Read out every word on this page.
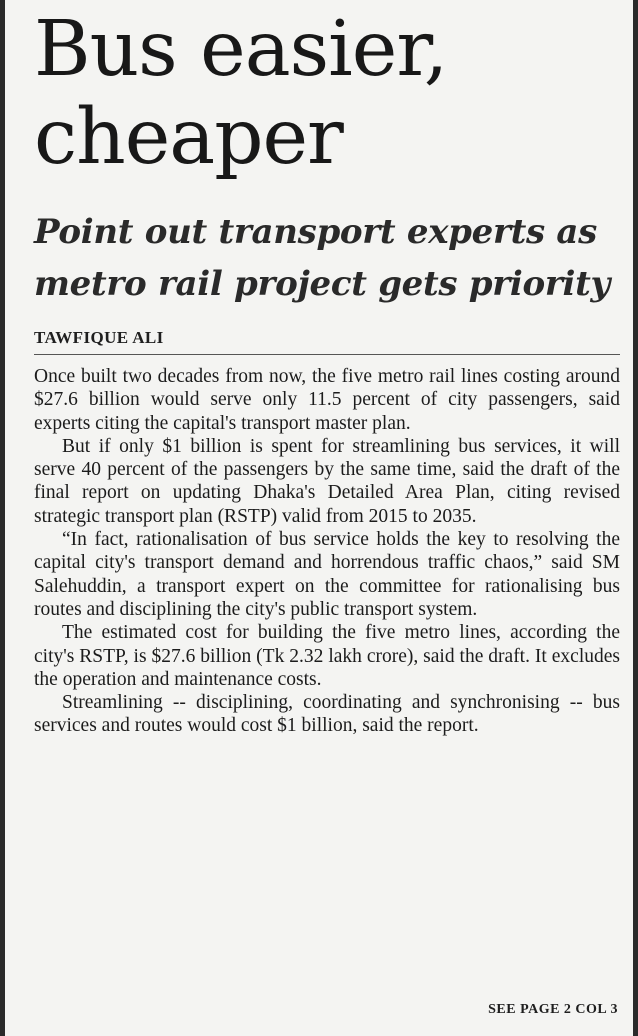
Bus easier,
cheaper
Point out transport experts as
metro rail project gets priority
TAWFIQUE ALI

Once built two decades from now, the five metro rail lines costing around $27.6 billion would serve only 11.5 percent of city passengers, said experts citing the capital's transport master plan.

But if only $1 billion is spent for streamlining bus services, it will serve 40 percent of the passengers by the same time, said the draft of the final report on updating Dhaka's Detailed Area Plan, citing revised strategic transport plan (RSTP) valid from 2015 to 2035.

“In fact, rationalisation of bus service holds the key to resolving the capital city's transport demand and horrendous traffic chaos,” said SM Salehuddin, a transport expert on the committee for rationalising bus routes and disciplining the city's public transport system.

The estimated cost for building the five metro lines, according the city's RSTP, is $27.6 billion (Tk 2.32 lakh crore), said the draft. It excludes the operation and maintenance costs.

Streamlining -- disciplining, coordinating and synchronising -- bus services and routes would cost $1 billion, said the report.

SEE PAGE 2 COL 3
